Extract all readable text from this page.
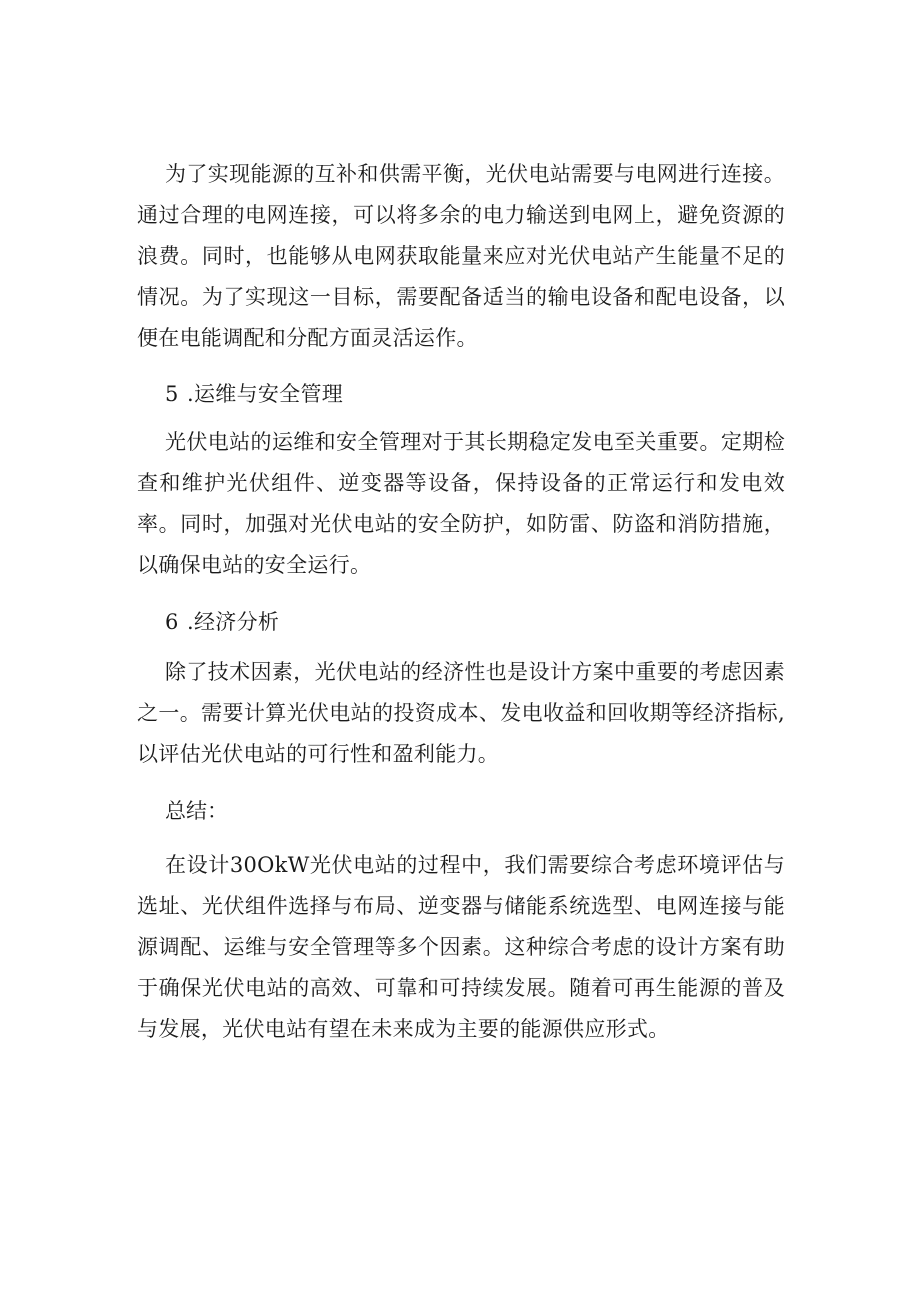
为了实现能源的互补和供需平衡，光伏电站需要与电网进行连接。通过合理的电网连接，可以将多余的电力输送到电网上，避免资源的浪费。同时，也能够从电网获取能量来应对光伏电站产生能量不足的情况。为了实现这一目标，需要配备适当的输电设备和配电设备，以便在电能调配和分配方面灵活运作。

5 .运维与安全管理

光伏电站的运维和安全管理对于其长期稳定发电至关重要。定期检查和维护光伏组件、逆变器等设备，保持设备的正常运行和发电效率。同时，加强对光伏电站的安全防护，如防雷、防盗和消防措施，以确保电站的安全运行。

6 .经济分析

除了技术因素，光伏电站的经济性也是设计方案中重要的考虑因素之一。需要计算光伏电站的投资成本、发电收益和回收期等经济指标,以评估光伏电站的可行性和盈利能力。

总结：

在设计30OkW光伏电站的过程中，我们需要综合考虑环境评估与选址、光伏组件选择与布局、逆变器与储能系统选型、电网连接与能源调配、运维与安全管理等多个因素。这种综合考虑的设计方案有助于确保光伏电站的高效、可靠和可持续发展。随着可再生能源的普及与发展，光伏电站有望在未来成为主要的能源供应形式。
